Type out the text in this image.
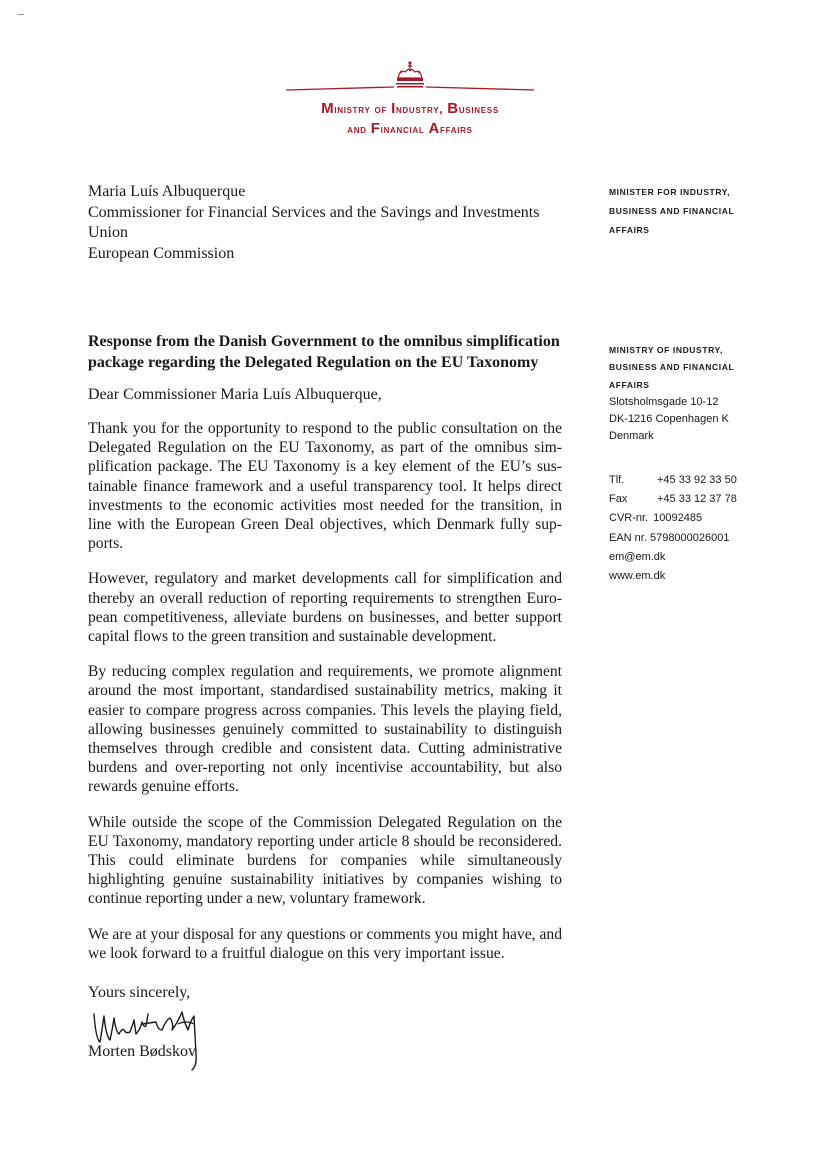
Ministry of Industry, Business
and Financial Affairs
Maria Luís Albuquerque
Commissioner for Financial Services and the Savings and Investments
Union
European Commission
MINISTER FOR INDUSTRY,
BUSINESS AND FINANCIAL
AFFAIRS
Response from the Danish Government to the omnibus simplification package regarding the Delegated Regulation on the EU Taxonomy
Dear Commissioner Maria Luís Albuquerque,

Thank you for the opportunity to respond to the public consultation on the Delegated Regulation on the EU Taxonomy, as part of the omnibus simplification package. The EU Taxonomy is a key element of the EU’s sustainable finance framework and a useful transparency tool. It helps direct investments to the economic activities most needed for the transition, in line with the European Green Deal objectives, which Denmark fully supports.

However, regulatory and market developments call for simplification and thereby an overall reduction of reporting requirements to strengthen European competitiveness, alleviate burdens on businesses, and better support capital flows to the green transition and sustainable development.

By reducing complex regulation and requirements, we promote alignment around the most important, standardised sustainability metrics, making it easier to compare progress across companies. This levels the playing field, allowing businesses genuinely committed to sustainability to distinguish themselves through credible and consistent data. Cutting administrative burdens and over-reporting not only incentivise accountability, but also rewards genuine efforts.

While outside the scope of the Commission Delegated Regulation on the EU Taxonomy, mandatory reporting under article 8 should be reconsidered. This could eliminate burdens for companies while simultaneously highlighting genuine sustainability initiatives by companies wishing to continue reporting under a new, voluntary framework.

We are at your disposal for any questions or comments you might have, and we look forward to a fruitful dialogue on this very important issue.

MINISTRY OF INDUSTRY,
BUSINESS AND FINANCIAL
AFFAIRS
Slotsholmsgade 10-12
DK-1216 Copenhagen K
Denmark
Tlf.	+45 33 92 33 50
Fax	+45 33 12 37 78
CVR-nr. 10092485
EAN nr. 5798000026001
em@em.dk
www.em.dk
Yours sincerely,
Morten Bødskov
